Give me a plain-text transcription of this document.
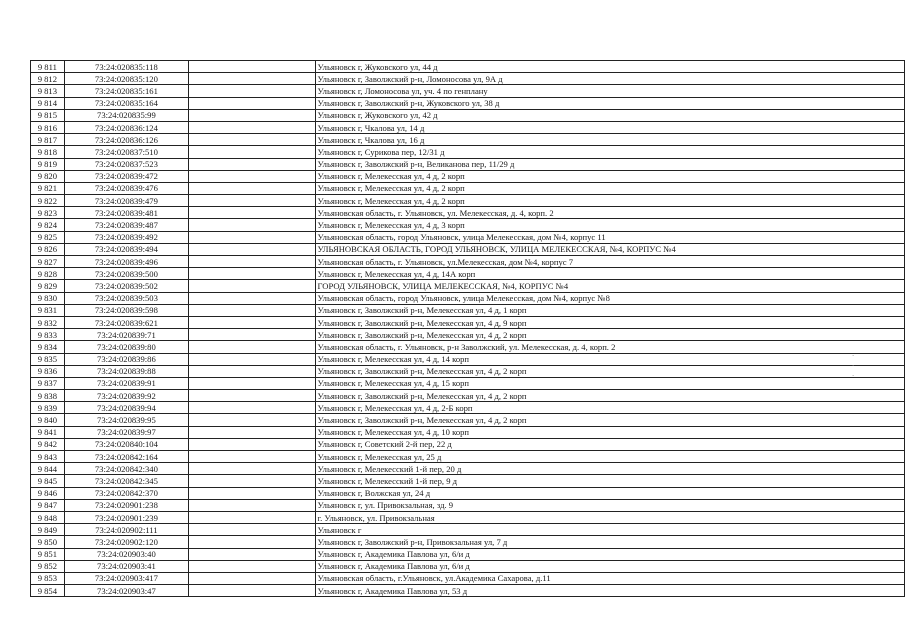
9 811	73:24:020835:118		Ульяновск г, Жуковского ул, 44 д
9 812	73:24:020835:120		Ульяновск г, Заволжский р-н, Ломоносова ул, 9А д
9 813	73:24:020835:161		Ульяновск г, Ломоносова ул, уч. 4 по генплану
9 814	73:24:020835:164		Ульяновск г, Заволжский р-н, Жуковского ул, 38 д
9 815	73:24:020835:99		Ульяновск г, Жуковского ул, 42 д
9 816	73:24:020836:124		Ульяновск г, Чкалова ул, 14 д
9 817	73:24:020836:126		Ульяновск г, Чкалова ул, 16 д
9 818	73:24:020837:510		Ульяновск г, Сурикова пер, 12/31 д
9 819	73:24:020837:523		Ульяновск г, Заволжский р-н, Великанова пер, 11/29 д
9 820	73:24:020839:472		Ульяновск г, Мелекесская ул, 4 д, 2 корп
9 821	73:24:020839:476		Ульяновск г, Мелекесская ул, 4 д, 2 корп
9 822	73:24:020839:479		Ульяновск г, Мелекесская ул, 4 д, 2 корп
9 823	73:24:020839:481		Ульяновская область, г. Ульяновск, ул. Мелекесская, д. 4, корп. 2
9 824	73:24:020839:487		Ульяновск г, Мелекесская ул, 4 д, 3 корп
9 825	73:24:020839:492		Ульяновская область, город Ульяновск, улица Мелекесская, дом №4, корпус 11
9 826	73:24:020839:494		УЛЬЯНОВСКАЯ ОБЛАСТЬ, ГОРОД УЛЬЯНОВСК, УЛИЦА МЕЛЕКЕССКАЯ, №4, КОРПУС №4
9 827	73:24:020839:496		Ульяновская область, г. Ульяновск, ул.Мелекесская, дом №4, корпус 7
9 828	73:24:020839:500		Ульяновск г, Мелекесская ул, 4 д, 14А корп
9 829	73:24:020839:502		ГОРОД УЛЬЯНОВСК, УЛИЦА МЕЛЕКЕССКАЯ, №4, КОРПУС №4
9 830	73:24:020839:503		Ульяновская область, город Ульяновск, улица Мелекесская, дом №4, корпус №8
9 831	73:24:020839:598		Ульяновск г, Заволжский р-н, Мелекесская ул, 4 д, 1 корп
9 832	73:24:020839:621		Ульяновск г, Заволжский р-н, Мелекесская ул, 4 д, 9 корп
9 833	73:24:020839:71		Ульяновск г, Заволжский р-н, Мелекесская ул, 4 д, 2 корп
9 834	73:24:020839:80		Ульяновская область, г. Ульяновск, р-н Заволжский, ул. Мелекесская, д. 4, корп. 2
9 835	73:24:020839:86		Ульяновск г, Мелекесская ул, 4 д, 14 корп
9 836	73:24:020839:88		Ульяновск г, Заволжский р-н, Мелекесская ул, 4 д, 2 корп
9 837	73:24:020839:91		Ульяновск г, Мелекесская ул, 4 д, 15 корп
9 838	73:24:020839:92		Ульяновск г, Заволжский р-н, Мелекесская ул, 4 д, 2 корп
9 839	73:24:020839:94		Ульяновск г, Мелекесская ул, 4 д, 2-Б корп
9 840	73:24:020839:95		Ульяновск г, Заволжский р-н, Мелекесская ул, 4 д, 2 корп
9 841	73:24:020839:97		Ульяновск г, Мелекесская ул, 4 д, 10 корп
9 842	73:24:020840:104		Ульяновск г, Советский 2-й пер, 22 д
9 843	73:24:020842:164		Ульяновск г, Мелекесская ул, 25 д
9 844	73:24:020842:340		Ульяновск г, Мелекесский 1-й пер, 20 д
9 845	73:24:020842:345		Ульяновск г, Мелекесский 1-й пер, 9 д
9 846	73:24:020842:370		Ульяновск г, Волжская ул, 24 д
9 847	73:24:020901:238		Ульяновск г, ул. Привокзальная, зд. 9
9 848	73:24:020901:239		г. Ульяновск, ул. Привокзальная
9 849	73:24:020902:111		Ульяновск г
9 850	73:24:020902:120		Ульяновск г, Заволжский р-н, Привокзальная ул, 7 д
9 851	73:24:020903:40		Ульяновск г, Академика Павлова ул, 6/и д
9 852	73:24:020903:41		Ульяновск г, Академика Павлова ул, 6/и д
9 853	73:24:020903:417		Ульяновская область, г.Ульяновск, ул.Академика Сахарова, д.11
9 854	73:24:020903:47		Ульяновск г, Академика Павлова ул, 53 д
.
.
.
